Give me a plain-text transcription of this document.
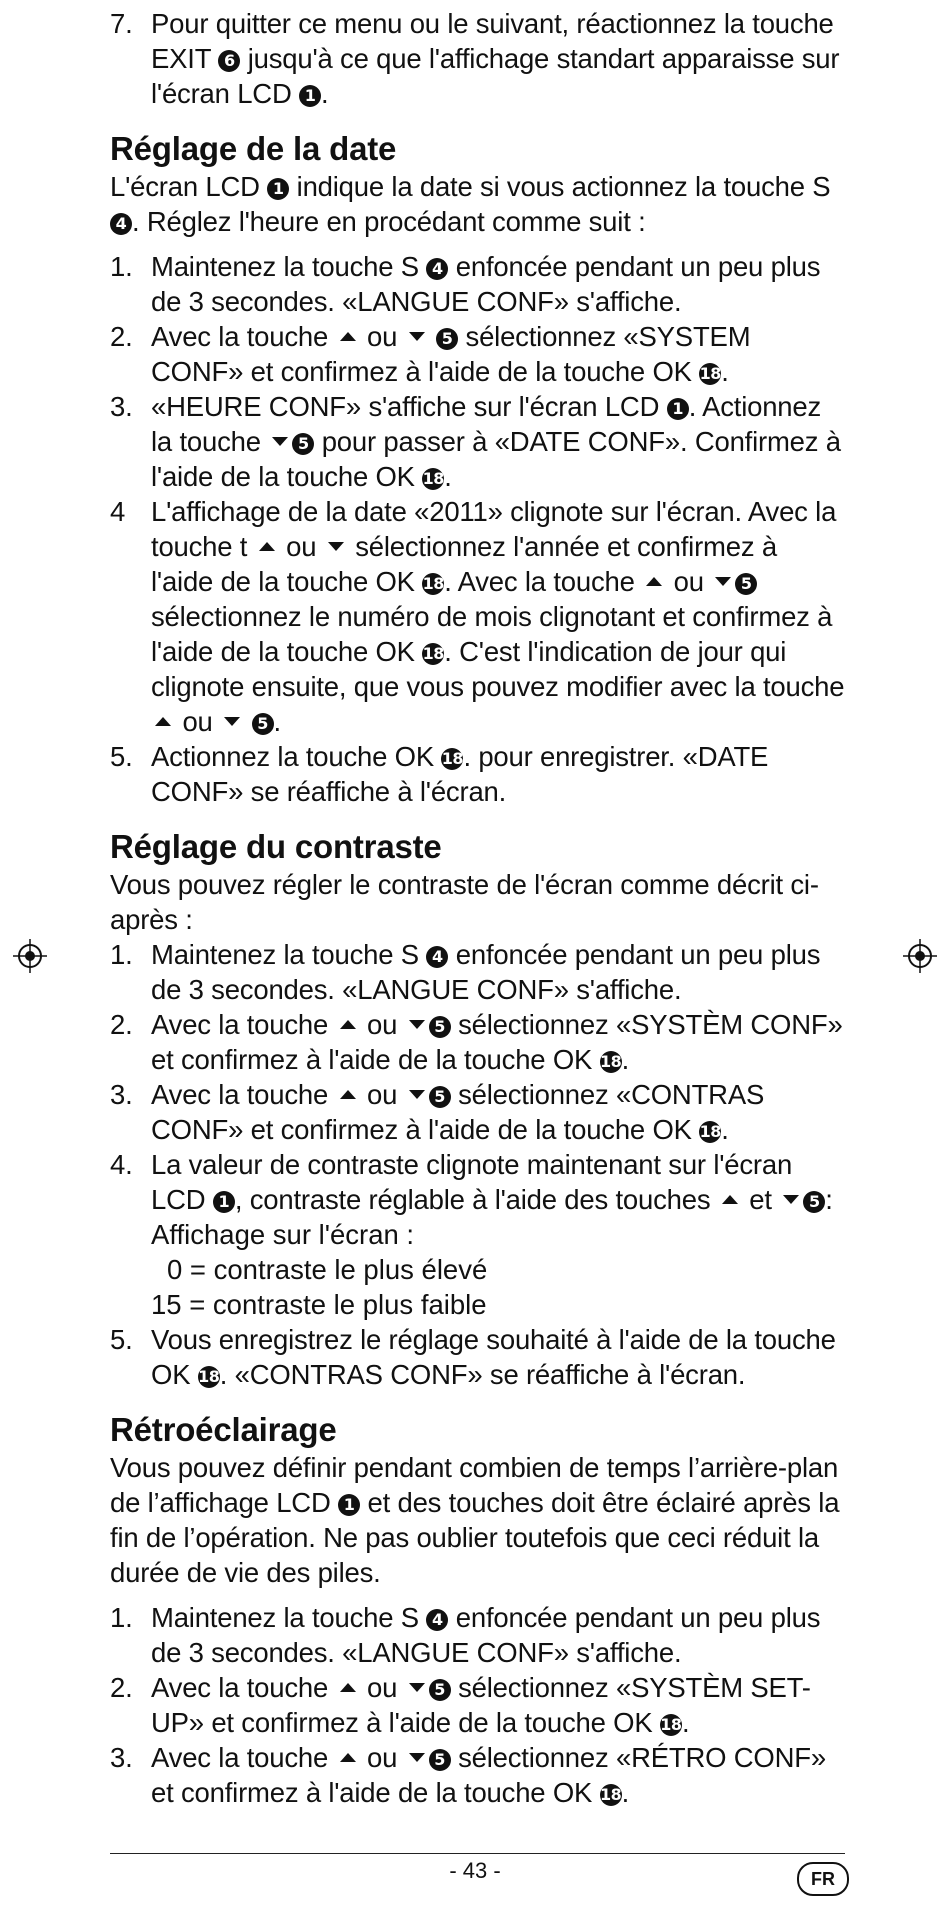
7. Pour quitter ce menu ou le suivant, réactionnez la touche EXIT 6 jusqu'à ce que l'affichage standart apparaisse sur l'écran LCD 1 .
Réglage de la date
L'écran LCD 1 indique la date si vous actionnez la touche S 4 . Réglez l'heure en procédant comme suit :
1. Maintenez la touche S 4 enfoncée pendant un peu plus de 3 secondes. «LANGUE CONF» s'affiche.
2. Avec la touche  ou  5 sélectionnez «SYSTEM CONF» et confirmez à l'aide de la touche OK 18.
3. «HEURE CONF» s'affiche sur l'écran LCD 1 . Actionnez la touche 5 pour passer à «DATE CONF». Confirmez à l'aide de la touche OK 18.
4 L'affichage de la date «2011» clignote sur l'écran. Avec la touche t  ou  sélectionnez l'année et confirmez à l'aide de la touche OK 18. Avec la touche  ou 5 sélectionnez le numéro de mois clignotant et confirmez à l'aide de la touche OK 18. C'est l'indication de jour qui clignote ensuite, que vous pouvez modifier avec la touche  ou  5 .
5. Actionnez la touche OK 18. pour enregistrer. «DATE CONF» se réaffiche à l'écran.
Réglage du contraste
Vous pouvez régler le contraste de l'écran comme décrit ci-après :
1. Maintenez la touche S 4 enfoncée pendant un peu plus de 3 secondes. «LANGUE CONF» s'affiche.
2. Avec la touche  ou 5 sélectionnez «SYSTÈM CONF» et confirmez à l'aide de la touche OK 18.
3. Avec la touche  ou 5 sélectionnez «CONTRAS CONF» et confirmez à l'aide de la touche OK 18.
4. La valeur de contraste clignote maintenant sur l'écran LCD 1 , contraste réglable à l'aide des touches  et 5 :
Affichage sur l'écran :
0 = contraste le plus élevé
15 = contraste le plus faible
5. Vous enregistrez le réglage souhaité à l'aide de la touche OK 18. «CONTRAS CONF» se réaffiche à l'écran.
Rétroéclairage
Vous pouvez définir pendant combien de temps l’arrière-plan de l’affichage LCD 1 et des touches doit être éclairé après la fin de l’opération. Ne pas oublier toutefois que ceci réduit la durée de vie des piles.
1. Maintenez la touche S 4 enfoncée pendant un peu plus de 3 secondes. «LANGUE CONF» s'affiche.
2. Avec la touche  ou 5 sélectionnez «SYSTÈM SET-UP» et confirmez à l'aide de la touche OK 18.
3. Avec la touche  ou 5 sélectionnez «RÉTRO CONF» et confirmez à l'aide de la touche OK 18.
- 43 -	FR
